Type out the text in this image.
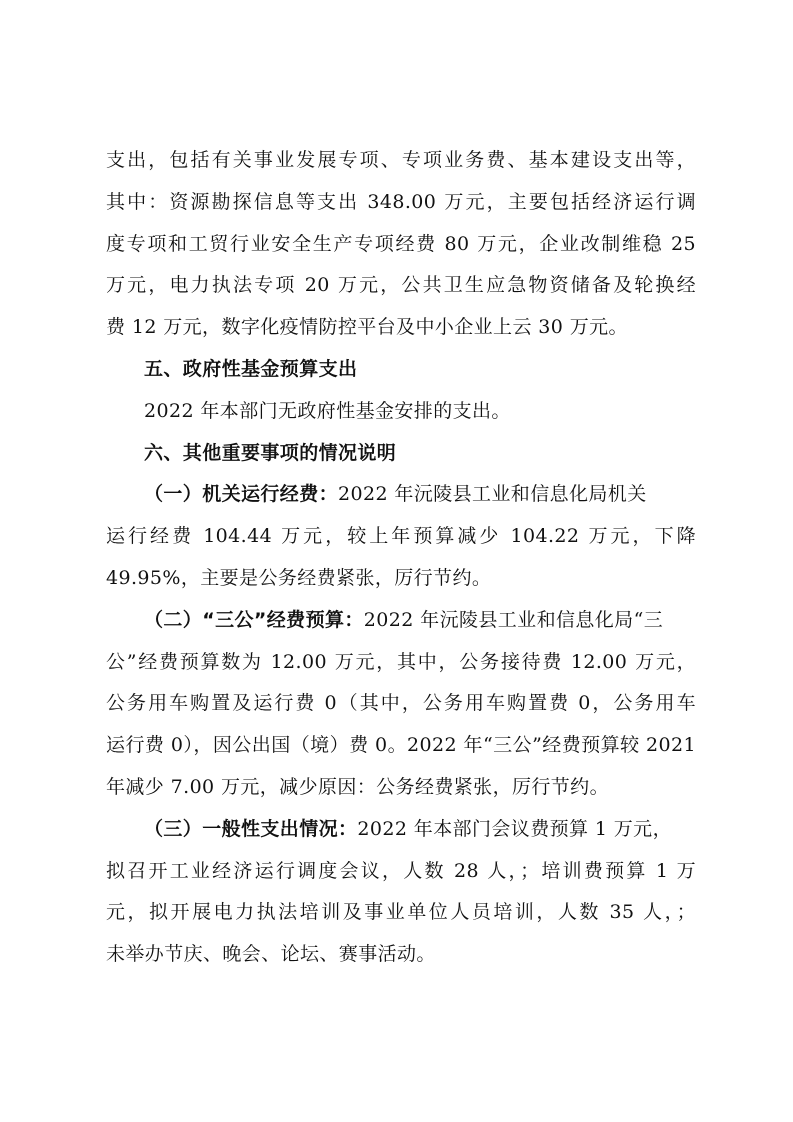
支出，包括有关事业发展专项、专项业务费、基本建设支出等，
其中：资源勘探信息等支出 348.00 万元，主要包括经济运行调
度专项和工贸行业安全生产专项经费 80 万元，企业改制维稳 25
万元，电力执法专项 20 万元，公共卫生应急物资储备及轮换经
费 12 万元，数字化疫情防控平台及中小企业上云 30 万元。
五、政府性基金预算支出
2022 年本部门无政府性基金安排的支出。
六、其他重要事项的情况说明
（一）机关运行经费：2022 年沅陵县工业和信息化局机关
运行经费 104.44 万元，较上年预算减少 104.22 万元，下降
49.95%，主要是公务经费紧张，厉行节约。
（二）“三公”经费预算：2022 年沅陵县工业和信息化局“三
公”经费预算数为 12.00 万元，其中，公务接待费 12.00 万元，
公务用车购置及运行费 0（其中，公务用车购置费 0，公务用车
运行费 0），因公出国（境）费 0。2022 年“三公”经费预算较 2021
年减少 7.00 万元，减少原因：公务经费紧张，厉行节约。
（三）一般性支出情况：2022 年本部门会议费预算 1 万元，
拟召开工业经济运行调度会议，人数 28 人，；培训费预算 1 万
元，拟开展电力执法培训及事业单位人员培训，人数 35 人，；
未举办节庆、晚会、论坛、赛事活动。
